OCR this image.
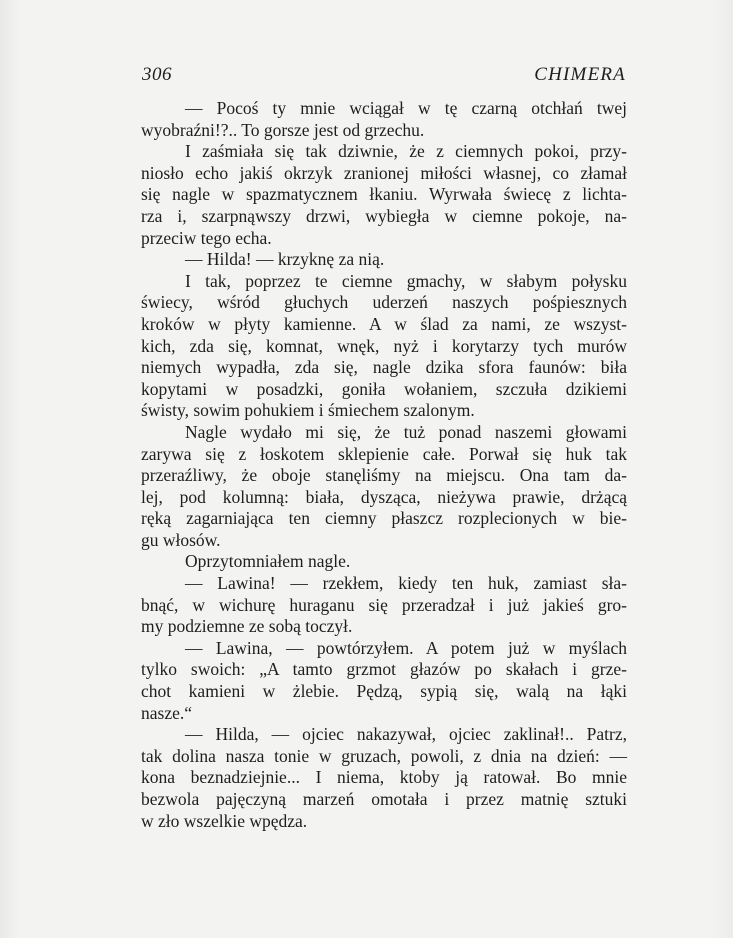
306	CHIMERA
— Pocoś ty mnie wciągał w tę czarną otchłań twej
wyobraźni!?.. To gorsze jest od grzechu.
I zaśmiała się tak dziwnie, że z ciemnych pokoi, przy-
niosło echo jakiś okrzyk zranionej miłości własnej, co złamał
się nagle w spazmatycznem łkaniu. Wyrwała świecę z lichta-
rza i, szarpnąwszy drzwi, wybiegła w ciemne pokoje, na-
przeciw tego echa.
— Hilda! — krzyknę za nią.
I tak, poprzez te ciemne gmachy, w słabym połysku
świecy, wśród głuchych uderzeń naszych pośpiesznych
kroków w płyty kamienne. A w ślad za nami, ze wszyst-
kich, zda się, komnat, wnęk, nyż i korytarzy tych murów
niemych wypadła, zda się, nagle dzika sfora faunów: biła
kopytami w posadzki, goniła wołaniem, szczuła dzikiemi
świsty, sowim pohukiem i śmiechem szalonym.
Nagle wydało mi się, że tuż ponad naszemi głowami
zarywa się z łoskotem sklepienie całe. Porwał się huk tak
przeraźliwy, że oboje stanęliśmy na miejscu. Ona tam da-
lej, pod kolumną: biała, dysząca, nieżywa prawie, drżącą
ręką zagarniająca ten ciemny płaszcz rozplecionych w bie-
gu włosów.
Oprzytomniałem nagle.
— Lawina! — rzekłem, kiedy ten huk, zamiast sła-
bnąć, w wichurę huraganu się przeradzał i już jakieś gro-
my podziemne ze sobą toczył.
— Lawina, — powtórzyłem. A potem już w myślach
tylko swoich: „A tamto grzmot głazów po skałach i grze-
chot kamieni w żlebie. Pędzą, sypią się, walą na łąki
nasze.“
— Hilda, — ojciec nakazywał, ojciec zaklinał!.. Patrz,
tak dolina nasza tonie w gruzach, powoli, z dnia na dzień: —
kona beznadziejnie... I niema, ktoby ją ratował. Bo mnie
bezwola pajęczyną marzeń omotała i przez matnię sztuki
w zło wszelkie wpędza.
